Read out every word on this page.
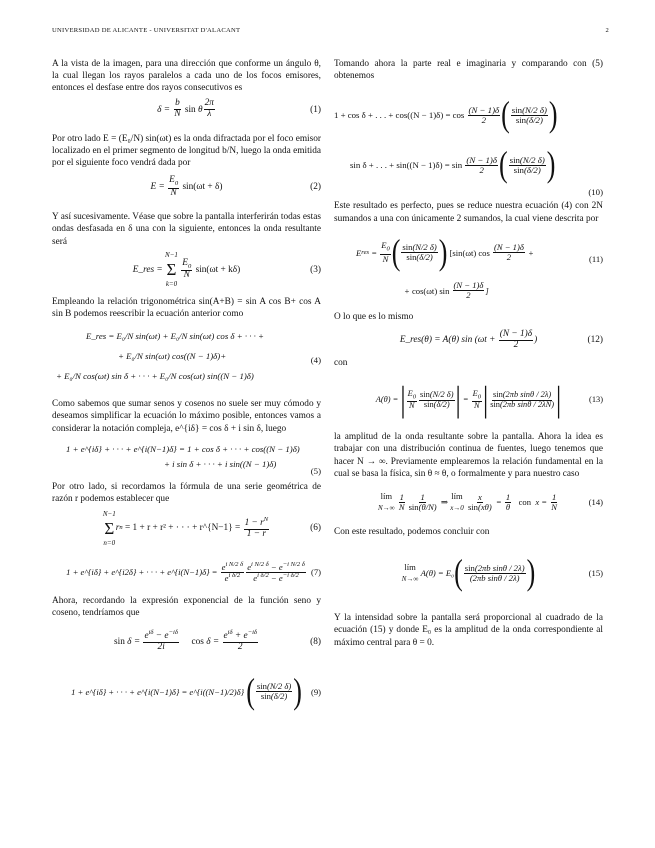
UNIVERSIDAD DE ALICANTE - UNIVERSITAT D'ALACANT	2

A la vista de la imagen, para una dirección que conforme un ángulo θ, la cual llegan los rayos paralelos a cada uno de los focos emisores, entonces el desfase entre dos rayos consecutivos es

δ =
$\frac{b}{N}$ sin θ $\frac{2\pi}{\lambda}$	(1)

Por otro lado E = (E₀/N) sin(ωt) es la onda difractada por el foco emisor localizado en el primer segmento de longitud b/N, luego la onda emitida por el siguiente foco vendrá dada por

E =
$\frac{E_0}{N}$
sin(ωt + δ)	(2)

Y así sucesivamente. Véase que sobre la pantalla interferirán todas estas ondas desfasada en δ una con la siguiente, entonces la onda resultante será

E_res =

N−1
Σ
k=0

$\frac{E_0}{N}$
sin(ωt + kδ)	(3)

Empleando la relación trigonométrica sin(A+B) = sin A cos B+ cos A sin B podemos reescribir la ecuación anterior como

E_res = E₀/N sin(ωt) + E₀/N sin(ωt) cos δ + · · · +
+ E₀/N sin(ωt) cos((N − 1)δ)+
+ E₀/N cos(ωt) sin δ + · · · + E₀/N cos(ωt) sin((N − 1)δ)
(4)

Como sabemos que sumar senos y cosenos no suele ser muy cómodo y deseamos simplificar la ecuación lo máximo posible, entonces vamos a considerar la notación compleja, e^{iδ} = cos δ + i sin δ, luego

1 + e^{iδ} + · · · + e^{i(N−1)δ} = 1 + cos δ + · · · + cos((N − 1)δ)
+ i sin δ + · · · + i sin((N − 1)δ)
(5)

Por otro lado, si recordamos la fórmula de una serie geométrica de razón r podemos establecer que

N−1
Σ
n=0
r n
= 1 + r + r² + · · · + r^{N−1} =
$\frac{1 - r^N}{1 - r}$	(6)
1 + e^{iδ} + e^{i2δ} + · · · + e^{i(N−1)δ} =
$\frac{e^{i N/2 \delta}}{e^{i \delta/2}} \frac{e^{i N/2 \delta} - e^{-i N/2 \delta}}{e^{i \delta/2} - e^{-i \delta/2}} (7)$

Ahora, recordando la expresión exponencial de la función seno y coseno, tendríamos que

$\sin \delta = \frac{e^{i\delta} - e^{-i\delta}}{2i}$
$\cos \delta = \frac{e^{i\delta} + e^{-i\delta}}{2}$	(8)
1 + e^{iδ} + · · · + e^{i(N−1)δ} = e^{i((N−1)/2)δ}
( $\frac{\sin(N/2 \delta)}{\sin(\delta/2)}$ ) (9)

Tomando ahora la parte real e imaginaria y comparando con (5) obtenemos

1 + cos δ + . . . + cos((N − 1)δ) = cos
$\frac{(N - 1)\delta}{2}$ ( $\frac{\sin(N/2 \delta)}{\sin(\delta/2)}$ )
sin δ + . . . + sin((N − 1)δ) = sin
$\frac{(N - 1)\delta}{2}$ ( $\frac{\sin(N/2 \delta)}{\sin(\delta/2)}$ )
(10)

Este resultado es perfecto, pues se reduce nuestra ecuación (4) con 2N sumandos a una con únicamente 2 sumandos, la cual viene descrita por

E res = $\frac{E_0}{N}$ ( $\frac{\sin(N/2 \delta)}{\sin(\delta/2)}$ )
[sin(ωt) cos
$\frac{(N - 1)\delta}{2}$ +
+ cos(ωt) sin
$\frac{(N - 1)\delta}{2}$ ]
(11)

O lo que es lo mismo

E_res(θ) = A(θ) $\sin (\omega t + \frac{(N - 1)\delta}{2}$ )	(12)

con

A(θ) =
| $\frac{E_0}{N} \frac{\sin(N/2 \delta)}{\sin(\delta/2)}$ | = $\frac{E_0}{N}$ | $\frac{\text{sin(2πb sinθ / 2λ)}}{\text{sin(2πb sinθ / 2λN)}}$ |	(13)

la amplitud de la onda resultante sobre la pantalla. Ahora la idea es trabajar con una distribución continua de fuentes, luego tenemos que hacer N → ∞. Previamente emplearemos la relación fundamental en la cual se basa la física, sin θ ≈ θ, o formalmente y para nuestro caso

lím
N→∞
$\frac{1}{N} \frac{1}{\sin(\theta/N)}$ ⇒
lím
x→0
$\frac{x}{\sin(x\theta)} = \frac{1}{\theta}$
con $x = \frac{1}{N}$	(14)

Con este resultado, podemos concluir con

lím
N→∞

A(θ) = E₀ ( $\frac{\text{sin(2πb sinθ / 2λ)}}{\text{(2πb sinθ / 2λ)}}$ )	(15)

Y la intensidad sobre la pantalla será proporcional al cuadrado de la ecuación (15) y donde E₀ es la amplitud de la onda correspondiente al máximo central para θ = 0.
